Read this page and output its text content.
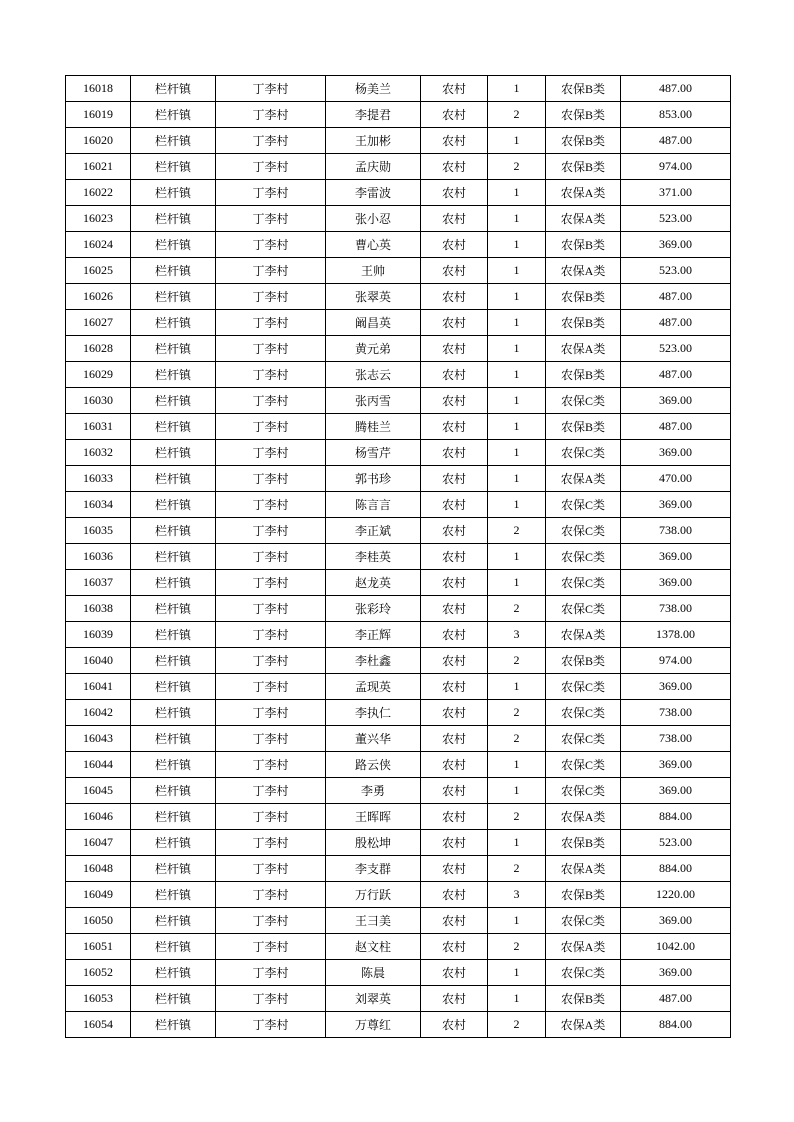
16018	栏杆镇	丁李村	杨美兰	农村	1	农保B类	487.00
16019	栏杆镇	丁李村	李提君	农村	2	农保B类	853.00
16020	栏杆镇	丁李村	王加彬	农村	1	农保B类	487.00
16021	栏杆镇	丁李村	孟庆勋	农村	2	农保B类	974.00
16022	栏杆镇	丁李村	李雷波	农村	1	农保A类	371.00
16023	栏杆镇	丁李村	张小忍	农村	1	农保A类	523.00
16024	栏杆镇	丁李村	曹心英	农村	1	农保B类	369.00
16025	栏杆镇	丁李村	王帅	农村	1	农保A类	523.00
16026	栏杆镇	丁李村	张翠英	农村	1	农保B类	487.00
16027	栏杆镇	丁李村	阚昌英	农村	1	农保B类	487.00
16028	栏杆镇	丁李村	黄元弟	农村	1	农保A类	523.00
16029	栏杆镇	丁李村	张志云	农村	1	农保B类	487.00
16030	栏杆镇	丁李村	张丙雪	农村	1	农保C类	369.00
16031	栏杆镇	丁李村	腾桂兰	农村	1	农保B类	487.00
16032	栏杆镇	丁李村	杨雪芹	农村	1	农保C类	369.00
16033	栏杆镇	丁李村	郭书珍	农村	1	农保A类	470.00
16034	栏杆镇	丁李村	陈言言	农村	1	农保C类	369.00
16035	栏杆镇	丁李村	李正斌	农村	2	农保C类	738.00
16036	栏杆镇	丁李村	李桂英	农村	1	农保C类	369.00
16037	栏杆镇	丁李村	赵龙英	农村	1	农保C类	369.00
16038	栏杆镇	丁李村	张彩玲	农村	2	农保C类	738.00
16039	栏杆镇	丁李村	李正辉	农村	3	农保A类	1378.00
16040	栏杆镇	丁李村	李杜鑫	农村	2	农保B类	974.00
16041	栏杆镇	丁李村	孟现英	农村	1	农保C类	369.00
16042	栏杆镇	丁李村	李执仁	农村	2	农保C类	738.00
16043	栏杆镇	丁李村	董兴华	农村	2	农保C类	738.00
16044	栏杆镇	丁李村	路云侠	农村	1	农保C类	369.00
16045	栏杆镇	丁李村	李勇	农村	1	农保C类	369.00
16046	栏杆镇	丁李村	王晖晖	农村	2	农保A类	884.00
16047	栏杆镇	丁李村	殷松坤	农村	1	农保B类	523.00
16048	栏杆镇	丁李村	李支群	农村	2	农保A类	884.00
16049	栏杆镇	丁李村	万行跃	农村	3	农保B类	1220.00
16050	栏杆镇	丁李村	王彐美	农村	1	农保C类	369.00
16051	栏杆镇	丁李村	赵文柱	农村	2	农保A类	1042.00
16052	栏杆镇	丁李村	陈晨	农村	1	农保C类	369.00
16053	栏杆镇	丁李村	刘翠英	农村	1	农保B类	487.00
16054	栏杆镇	丁李村	万尊红	农村	2	农保A类	884.00
